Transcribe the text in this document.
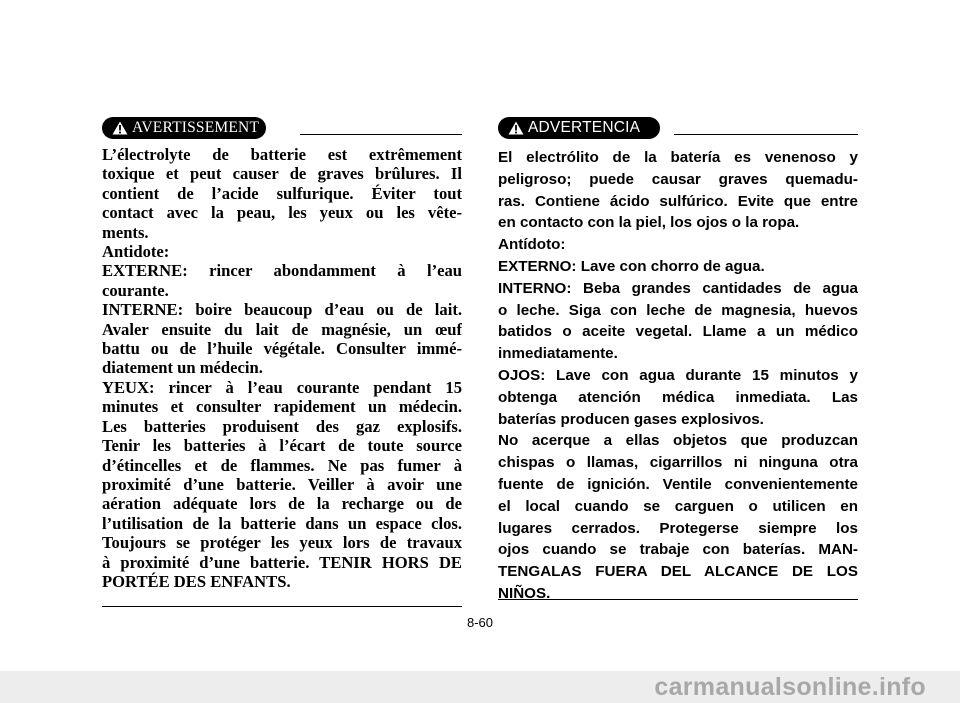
AVERTISSEMENT
L’électrolyte de batterie est extrêmement
toxique et peut causer de graves brûlures. Il
contient de l’acide sulfurique. Éviter tout
contact avec la peau, les yeux ou les vête-
ments.
Antidote:
EXTERNE: rincer abondamment à l’eau
courante.
INTERNE: boire beaucoup d’eau ou de lait.
Avaler ensuite du lait de magnésie, un œuf
battu ou de l’huile végétale. Consulter immé-
diatement un médecin.
YEUX: rincer à l’eau courante pendant 15
minutes et consulter rapidement un médecin.
Les batteries produisent des gaz explosifs.
Tenir les batteries à l’écart de toute source
d’étincelles et de flammes. Ne pas fumer à
proximité d’une batterie. Veiller à avoir une
aération adéquate lors de la recharge ou de
l’utilisation de la batterie dans un espace clos.
Toujours se protéger les yeux lors de travaux
à proximité d’une batterie. TENIR HORS DE
PORTÉE DES ENFANTS.
ADVERTENCIA
El electrólito de la batería es venenoso y
peligroso; puede causar graves quemadu-
ras. Contiene ácido sulfúrico. Evite que entre
en contacto con la piel, los ojos o la ropa.
Antídoto:
EXTERNO: Lave con chorro de agua.
INTERNO: Beba grandes cantidades de agua
o leche. Siga con leche de magnesia, huevos
batidos o aceite vegetal. Llame a un médico
inmediatamente.
OJOS: Lave con agua durante 15 minutos y
obtenga atención médica inmediata. Las
baterías producen gases explosivos.
No acerque a ellas objetos que produzcan
chispas o llamas, cigarrillos ni ninguna otra
fuente de ignición. Ventile convenientemente
el local cuando se carguen o utilicen en
lugares cerrados. Protegerse siempre los
ojos cuando se trabaje con baterías. MAN-
TENGALAS FUERA DEL ALCANCE DE LOS
NIÑOS.
8-60
carmanualsonline.info
